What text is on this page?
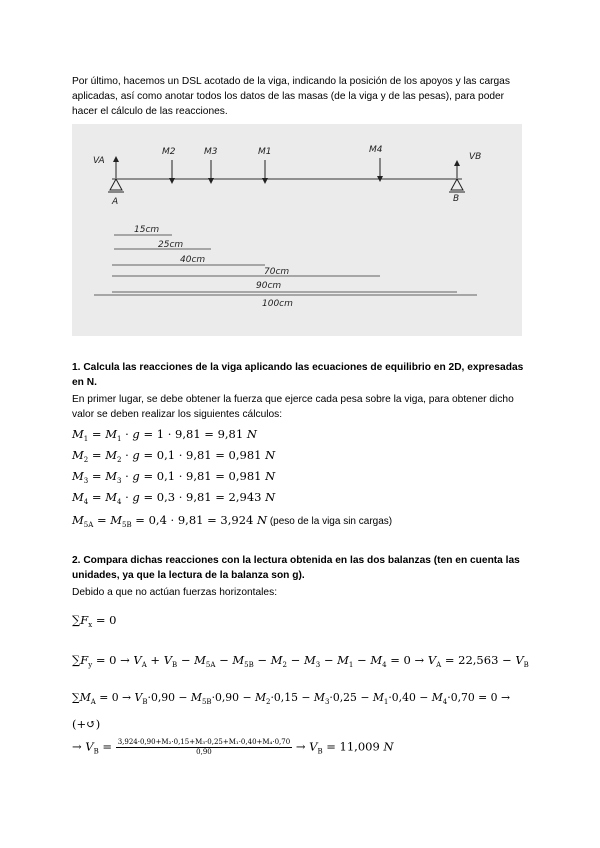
Por último, hacemos un DSL acotado de la viga, indicando la posición de los apoyos y las cargas aplicadas, así como anotar todos los datos de las masas (de la viga y de las pesas), para poder hacer el cálculo de las reacciones.

VA	VB
A	B
M2	M3	M1	M4
15cm
25cm
40cm
70cm
90cm
100cm

1. Calcula las reacciones de la viga aplicando las ecuaciones de equilibrio en 2D, expresadas en N.

En primer lugar, se debe obtener la fuerza que ejerce cada pesa sobre la viga, para obtener dicho valor se deben realizar los siguientes cálculos:

$M_1 = M_1 \cdot g = 1 \cdot 9,81 = 9,81$ N
$M_2 = M_2 \cdot g = 0,1 \cdot 9,81 = 0,981$ N
$M_3 = M_3 \cdot g = 0,1 \cdot 9,81 = 0,981$ N
$M_4 = M_4 \cdot g = 0,3 \cdot 9,81 = 2,943$ N
$M_{5A} = M_{5B} = 0,4 \cdot 9,81 = 3,924$ N (peso de la viga sin cargas)

2. Compara dichas reacciones con la lectura obtenida en las dos balanzas (ten en cuenta las unidades, ya que la lectura de la balanza son g).

Debido a que no actúan fuerzas horizontales:

$\sum F_x = 0$
$\sum F_y = 0 \to V_A + V_B - M_{5A} - M_{5B} - M_2 - M_3 - M_1 - M_4 = 0 \to V_A = 22,563 - V_B$
$\sum M_A = 0 \to V_B\cdot 0,90 - M_{5B}\cdot 0,90 - M_2\cdot 0,15 - M_3\cdot 0,25 - M_1\cdot 0,40 - M_4\cdot 0,70 = 0$ →
(+↺)
→ $V_B = \frac{\text{3,924·0,90+M₂·0,15+M₃·0,25+M₁·0,40+M₄·0,70}}{0,90} \to V_B = 11,009$ N
